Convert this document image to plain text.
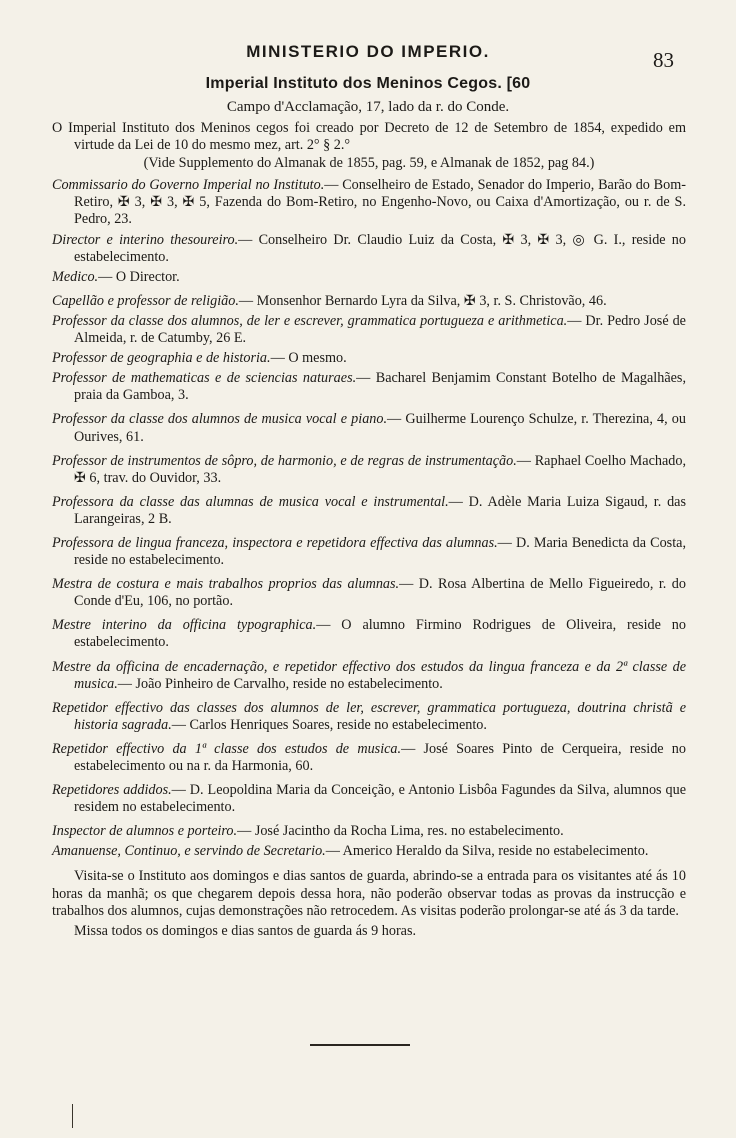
MINISTERIO DO IMPERIO.	83
Imperial Instituto dos Meninos Cegos. [60
Campo d'Acclamação, 17, lado da r. do Conde.

O Imperial Instituto dos Meninos cegos foi creado por Decreto de 12 de Setembro de 1854, expedido em virtude da Lei de 10 do mesmo mez, art. 2° § 2.°

(Vide Supplemento do Almanak de 1855, pag. 59, e Almanak de 1852, pag 84.)

Commissario do Governo Imperial no Instituto.— Conselheiro de Estado, Senador do Imperio, Barão do Bom-Retiro, ✠ 3, ✠ 3, ✠ 5, Fazenda do Bom-Retiro, no Engenho-Novo, ou Caixa d'Amortização, ou r. de S. Pedro, 23.

Director e interino thesoureiro.— Conselheiro Dr. Claudio Luiz da Costa, ✠ 3, ✠ 3, ◎ G. I., reside no estabelecimento.

Medico.— O Director.

Capellão e professor de religião.— Monsenhor Bernardo Lyra da Silva, ✠ 3, r. S. Christovão, 46.

Professor da classe dos alumnos, de ler e escrever, grammatica portugueza e arithmetica.— Dr. Pedro José de Almeida, r. de Catumby, 26 E.

Professor de geographia e de historia.— O mesmo.

Professor de mathematicas e de sciencias naturaes.— Bacharel Benjamim Constant Botelho de Magalhães, praia da Gamboa, 3.

Professor da classe dos alumnos de musica vocal e piano.— Guilherme Lourenço Schulze, r. Therezina, 4, ou Ourives, 61.

Professor de instrumentos de sôpro, de harmonio, e de regras de instrumentação.— Raphael Coelho Machado, ✠ 6, trav. do Ouvidor, 33.

Professora da classe das alumnas de musica vocal e instrumental.— D. Adèle Maria Luiza Sigaud, r. das Larangeiras, 2 B.

Professora de lingua franceza, inspectora e repetidora effectiva das alumnas.— D. Maria Benedicta da Costa, reside no estabelecimento.

Mestra de costura e mais trabalhos proprios das alumnas.— D. Rosa Albertina de Mello Figueiredo, r. do Conde d'Eu, 106, no portão.

Mestre interino da officina typographica.— O alumno Firmino Rodrigues de Oliveira, reside no estabelecimento.

Mestre da officina de encadernação, e repetidor effectivo dos estudos da lingua franceza e da 2ª classe de musica.— João Pinheiro de Carvalho, reside no estabelecimento.

Repetidor effectivo das classes dos alumnos de ler, escrever, grammatica portugueza, doutrina christã e historia sagrada.— Carlos Henriques Soares, reside no estabelecimento.

Repetidor effectivo da 1ª classe dos estudos de musica.— José Soares Pinto de Cerqueira, reside no estabelecimento ou na r. da Harmonia, 60.

Repetidores addidos.— D. Leopoldina Maria da Conceição, e Antonio Lisbôa Fagundes da Silva, alumnos que residem no estabelecimento.

Inspector de alumnos e porteiro.— José Jacintho da Rocha Lima, res. no estabelecimento.

Amanuense, Continuo, e servindo de Secretario.— Americo Heraldo da Silva, reside no estabelecimento.

Visita-se o Instituto aos domingos e dias santos de guarda, abrindo-se a entrada para os visitantes até ás 10 horas da manhã; os que chegarem depois dessa hora, não poderão observar todas as provas da instrucção e trabalhos dos alumnos, cujas demonstrações não retrocedem. As visitas poderão prolongar-se até ás 3 da tarde.

Missa todos os domingos e dias santos de guarda ás 9 horas.
